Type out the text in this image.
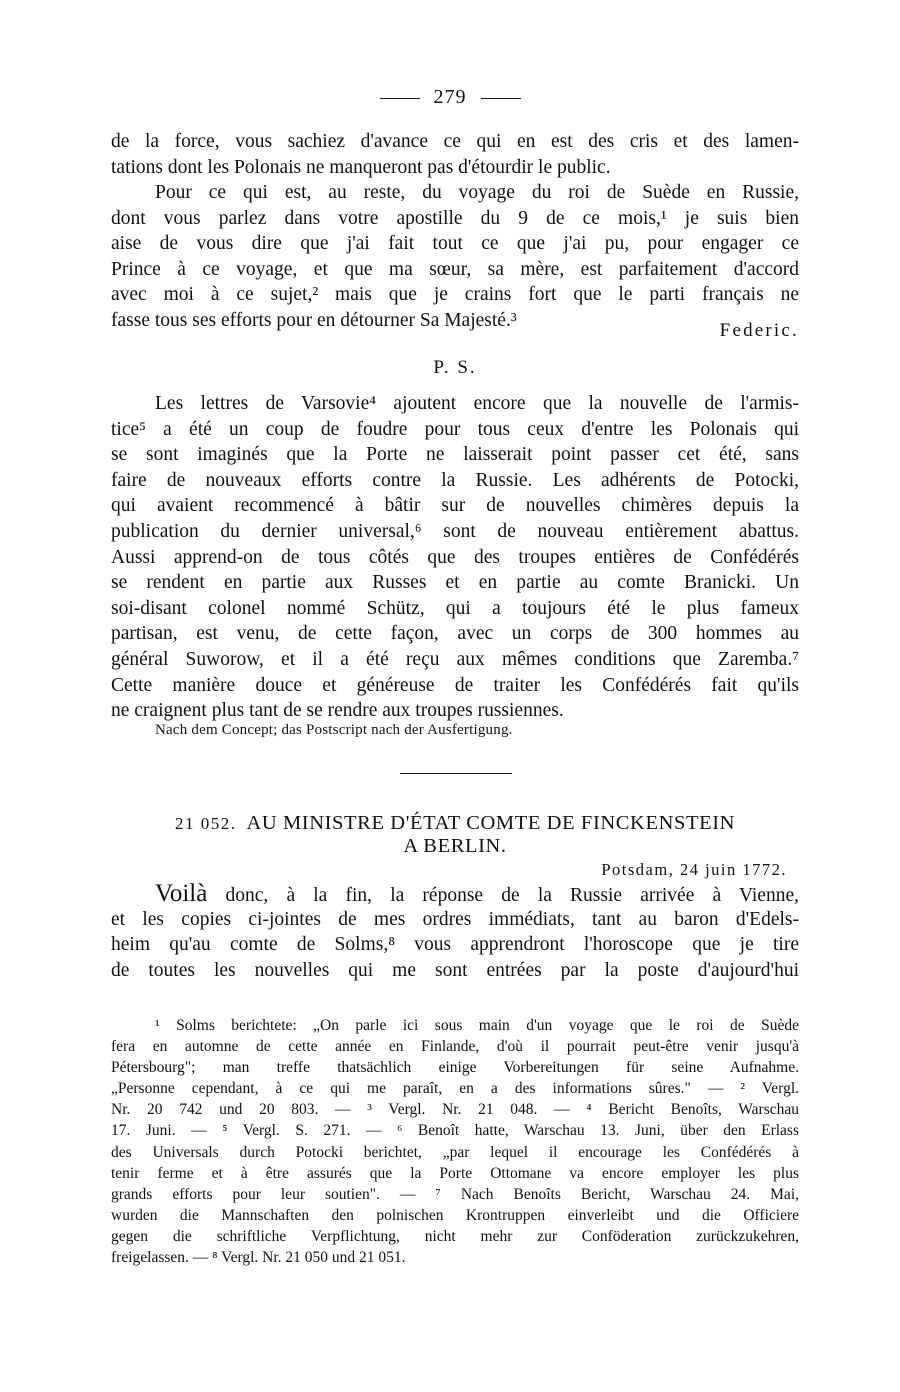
279
de la force, vous sachiez d'avance ce qui en est des cris et des lamen-
tations dont les Polonais ne manqueront pas d'étourdir le public.
Pour ce qui est, au reste, du voyage du roi de Suède en Russie,
dont vous parlez dans votre apostille du 9 de ce mois,¹ je suis bien
aise de vous dire que j'ai fait tout ce que j'ai pu, pour engager ce
Prince à ce voyage, et que ma sœur, sa mère, est parfaitement d'accord
avec moi à ce sujet,² mais que je crains fort que le parti français ne
fasse tous ses efforts pour en détourner Sa Majesté.³	Federic.
P. S.
Les lettres de Varsovie⁴ ajoutent encore que la nouvelle de l'armis-
tice⁵ a été un coup de foudre pour tous ceux d'entre les Polonais qui
se sont imaginés que la Porte ne laisserait point passer cet été, sans
faire de nouveaux efforts contre la Russie. Les adhérents de Potocki,
qui avaient recommencé à bâtir sur de nouvelles chimères depuis la
publication du dernier universal,⁶ sont de nouveau entièrement abattus.
Aussi apprend-on de tous côtés que des troupes entières de Confédérés
se rendent en partie aux Russes et en partie au comte Branicki. Un
soi-disant colonel nommé Schütz, qui a toujours été le plus fameux
partisan, est venu, de cette façon, avec un corps de 300 hommes au
général Suworow, et il a été reçu aux mêmes conditions que Zaremba.⁷
Cette manière douce et généreuse de traiter les Confédérés fait qu'ils
ne craignent plus tant de se rendre aux troupes russiennes.
Nach dem Concept; das Postscript nach der Ausfertigung.
21 052. AU MINISTRE D'ÉTAT COMTE DE FINCKENSTEIN
A BERLIN.
Potsdam, 24 juin 1772.
Voilà donc, à la fin, la réponse de la Russie arrivée à Vienne,
et les copies ci-jointes de mes ordres immédiats, tant au baron d'Edels-
heim qu'au comte de Solms,⁸ vous apprendront l'horoscope que je tire
de toutes les nouvelles qui me sont entrées par la poste d'aujourd'hui
¹ Solms berichtete: „On parle ici sous main d'un voyage que le roi de Suède
fera en automne de cette année en Finlande, d'où il pourrait peut-être venir jusqu'à
Pétersbourg"; man treffe thatsächlich einige Vorbereitungen für seine Aufnahme.
„Personne cependant, à ce qui me paraît, en a des informations sûres." — ² Vergl.
Nr. 20 742 und 20 803. — ³ Vergl. Nr. 21 048. — ⁴ Bericht Benoîts, Warschau
17. Juni. — ⁵ Vergl. S. 271. — ⁶ Benoît hatte, Warschau 13. Juni, über den Erlass
des Universals durch Potocki berichtet, „par lequel il encourage les Confédérés à
tenir ferme et à être assurés que la Porte Ottomane va encore employer les plus
grands efforts pour leur soutien". — ⁷ Nach Benoîts Bericht, Warschau 24. Mai,
wurden die Mannschaften den polnischen Krontruppen einverleibt und die Officiere
gegen die schriftliche Verpflichtung, nicht mehr zur Conföderation zurückzukehren,
freigelassen. — ⁸ Vergl. Nr. 21 050 und 21 051.
